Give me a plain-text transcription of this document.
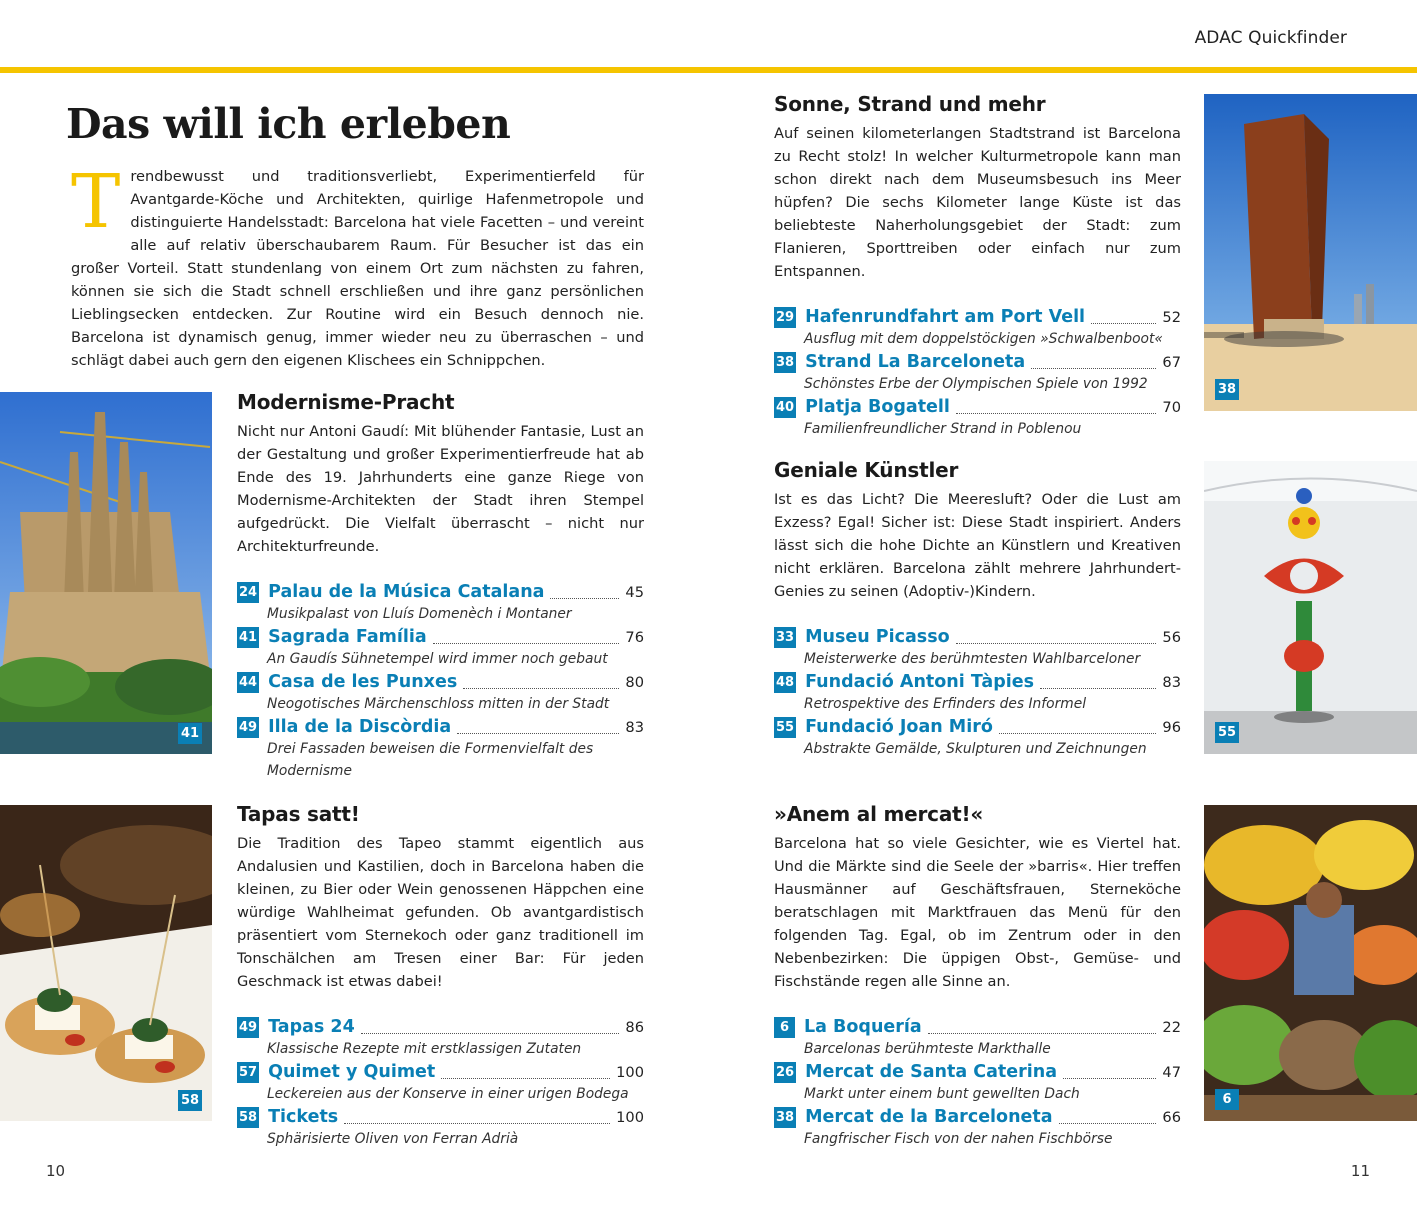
ADAC Quickfinder
Das will ich erleben
Trendbewusst und traditionsverliebt, Experimentierfeld für Avantgarde-Köche und Architekten, quirlige Hafenmetropole und distinguierte Handelsstadt: Barcelona hat viele Facetten – und vereint alle auf relativ überschaubarem Raum. Für Besucher ist das ein großer Vorteil. Statt stundenlang von einem Ort zum nächsten zu fahren, können sie sich die Stadt schnell erschließen und ihre ganz persönlichen Lieblingsecken entdecken. Zur Routine wird ein Besuch dennoch nie. Barcelona ist dynamisch genug, immer wieder neu zu überraschen – und schlägt dabei auch gern den eigenen Klischees ein Schnippchen.
41
58
38
55
6
Modernisme-Pracht

Nicht nur Antoni Gaudí: Mit blühender Fantasie, Lust an der Gestaltung und großer Experimentierfreude hat ab Ende des 19. Jahrhunderts eine ganze Riege von Modernisme-Architekten der Stadt ihren Stempel aufgedrückt. Die Vielfalt überrascht – nicht nur Architekturfreunde.

24 Palau de la Música Catalana	45
Musikpalast von Lluís Domenèch i Montaner
41 Sagrada Família	76
An Gaudís Sühnetempel wird immer noch gebaut
44 Casa de les Punxes	80
Neogotisches Märchenschloss mitten in der Stadt
49 Illa de la Discòrdia	83
Drei Fassaden beweisen die Formenvielfalt des Modernisme
Tapas satt!

Die Tradition des Tapeo stammt eigentlich aus Andalusien und Kastilien, doch in Barcelona haben die kleinen, zu Bier oder Wein genossenen Häppchen eine würdige Wahlheimat gefunden. Ob avantgardistisch präsentiert vom Sternekoch oder ganz traditionell im Tonschälchen am Tresen einer Bar: Für jeden Geschmack ist etwas dabei!

49 Tapas 24	86
Klassische Rezepte mit erstklassigen Zutaten
57 Quimet y Quimet	100
Leckereien aus der Konserve in einer urigen Bodega
58 Tickets	100
Sphärisierte Oliven von Ferran Adrià
Sonne, Strand und mehr

Auf seinen kilometerlangen Stadtstrand ist Barcelona zu Recht stolz! In welcher Kulturmetropole kann man schon direkt nach dem Museumsbesuch ins Meer hüpfen? Die sechs Kilometer lange Küste ist das beliebteste Naherholungsgebiet der Stadt: zum Flanieren, Sporttreiben oder einfach nur zum Entspannen.

29 Hafenrundfahrt am Port Vell	52
Ausflug mit dem doppelstöckigen »Schwalbenboot«
38 Strand La Barceloneta	67
Schönstes Erbe der Olympischen Spiele von 1992
40 Platja Bogatell	70
Familienfreundlicher Strand in Poblenou
Geniale Künstler

Ist es das Licht? Die Meeresluft? Oder die Lust am Exzess? Egal! Sicher ist: Diese Stadt inspiriert. Anders lässt sich die hohe Dichte an Künstlern und Kreativen nicht erklären. Barcelona zählt mehrere Jahrhundert-Genies zu seinen (Adoptiv-)Kindern.

33 Museu Picasso	56
Meisterwerke des berühmtesten Wahlbarceloner
48 Fundació Antoni Tàpies	83
Retrospektive des Erfinders des Informel
55 Fundació Joan Miró	96
Abstrakte Gemälde, Skulpturen und Zeichnungen
»Anem al mercat!«

Barcelona hat so viele Gesichter, wie es Viertel hat. Und die Märkte sind die Seele der »barris«. Hier treffen Hausmänner auf Geschäftsfrauen, Sterneköche beratschlagen mit Marktfrauen das Menü für den folgenden Tag. Egal, ob im Zentrum oder in den Nebenbezirken: Die üppigen Obst-, Gemüse- und Fischstände regen alle Sinne an.

6 La Boquería	22
Barcelonas berühmteste Markthalle
26 Mercat de Santa Caterina	47
Markt unter einem bunt gewellten Dach
38 Mercat de la Barceloneta	66
Fangfrischer Fisch von der nahen Fischbörse
10	11
